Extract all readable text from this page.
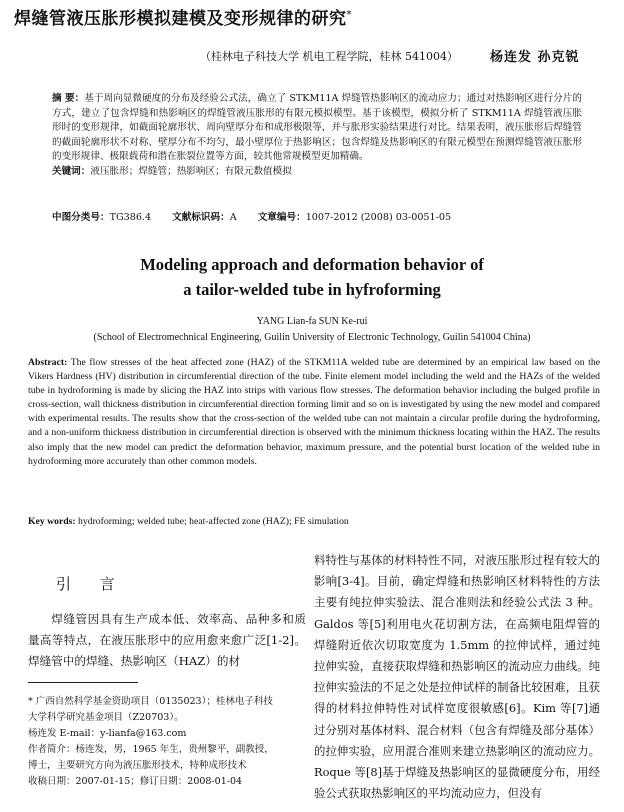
焊缝管液压胀形模拟建模及变形规律的研究*
（桂林电子科技大学 机电工程学院，桂林 541004） 杨连发 孙克锐
摘 要：基于周向显微硬度的分布及经验公式法，确立了 STKM11A 焊缝管热影响区的流动应力；通过对热影响区进行分片的方式，建立了包含焊缝和热影响区的焊缝管液压胀形的有限元模拟模型。基于该模型，模拟分析了 STKM11A 焊缝管液压胀形时的变形规律，如截面轮廓形状、周向壁厚分布和成形极限等，并与胀形实验结果进行对比。结果表明，液压胀形后焊缝管的截面轮廓形状不对称、壁厚分布不均匀，最小壁厚位于热影响区；包含焊缝及热影响区的有限元模型在预测焊缝管液压胀形的变形规律、极限载荷和潜在胀裂位置等方面，较其他常规模型更加精确。
关键词：液压胀形；焊缝管；热影响区；有限元数值模拟
中图分类号：TG386.4 文献标识码：A 文章编号：1007-2012 (2008) 03-0051-05
Modeling approach and deformation behavior of
a tailor-welded tube in hyfroforming
YANG Lian-fa SUN Ke-rui
(School of Electromechnical Engineering, Guilin University of Electronic Technology, Guilin 541004 China)
Abstract: The flow stresses of the heat affected zone (HAZ) of the STKM11A welded tube are determined by an empirical law based on the Vikers Hardness (HV) distribution in circumferential direction of the tube. Finite element model including the weld and the HAZs of the welded tube in hydroforming is made by slicing the HAZ into strips with various flow stresses. The deformation behavior including the bulged profile in cross-section, wall thickness distribution in circumferential direction forming limit and so on is investigated by using the new model and compared with experimental results. The results show that the cross-section of the welded tube can not maintain a circular profile during the hydroforming, and a non-uniform thickness distribution in circumferential direction is observed with the minimum thickness locating within the HAZ. The results also imply that the new model can predict the deformation behavior, maximum pressure, and the potential burst location of the welded tube in hydroforming more accurately than other common models.
Key words: hydroforming; welded tube; heat-affected zone (HAZ); FE simulation
引 言

焊缝管因具有生产成本低、效率高、品种多和质量高等特点，在液压胀形中的应用愈来愈广泛[1-2]。焊缝管中的焊缝、热影响区（HAZ）的材

* 广西自然科学基金资助项目（0135023）；桂林电子科技
大学科学研究基金项目（Z20703）。
杨连发 E-mail：y-lianfa@163.com
作者简介：杨连发，男，1965 年生，贵州黎平，副教授，
博士，主要研究方向为液压胀形技术，特种成形技术
收稿日期：2007-01-15；修订日期：2008-01-04

料特性与基体的材料特性不同，对液压胀形过程有较大的影响[3-4]。目前，确定焊缝和热影响区材料特性的方法主要有纯拉伸实验法、混合准则法和经验公式法 3 种。Galdos 等[5]利用电火花切割方法，在高频电阻焊管的焊缝附近依次切取宽度为 1.5mm 的拉伸试样，通过纯拉伸实验，直接获取焊缝和热影响区的流动应力曲线。纯拉伸实验法的不足之处是拉伸试样的制备比较困难，且获得的材料拉伸特性对试样宽度很敏感[6]。Kim 等[7]通过分别对基体材料、混合材料（包含有焊缝及部分基体）的拉伸实验，应用混合准则来建立热影响区的流动应力。Roque 等[8]基于焊缝及热影响区的显微硬度分布，用经验公式获取热影响区的平均流动应力，但没有
